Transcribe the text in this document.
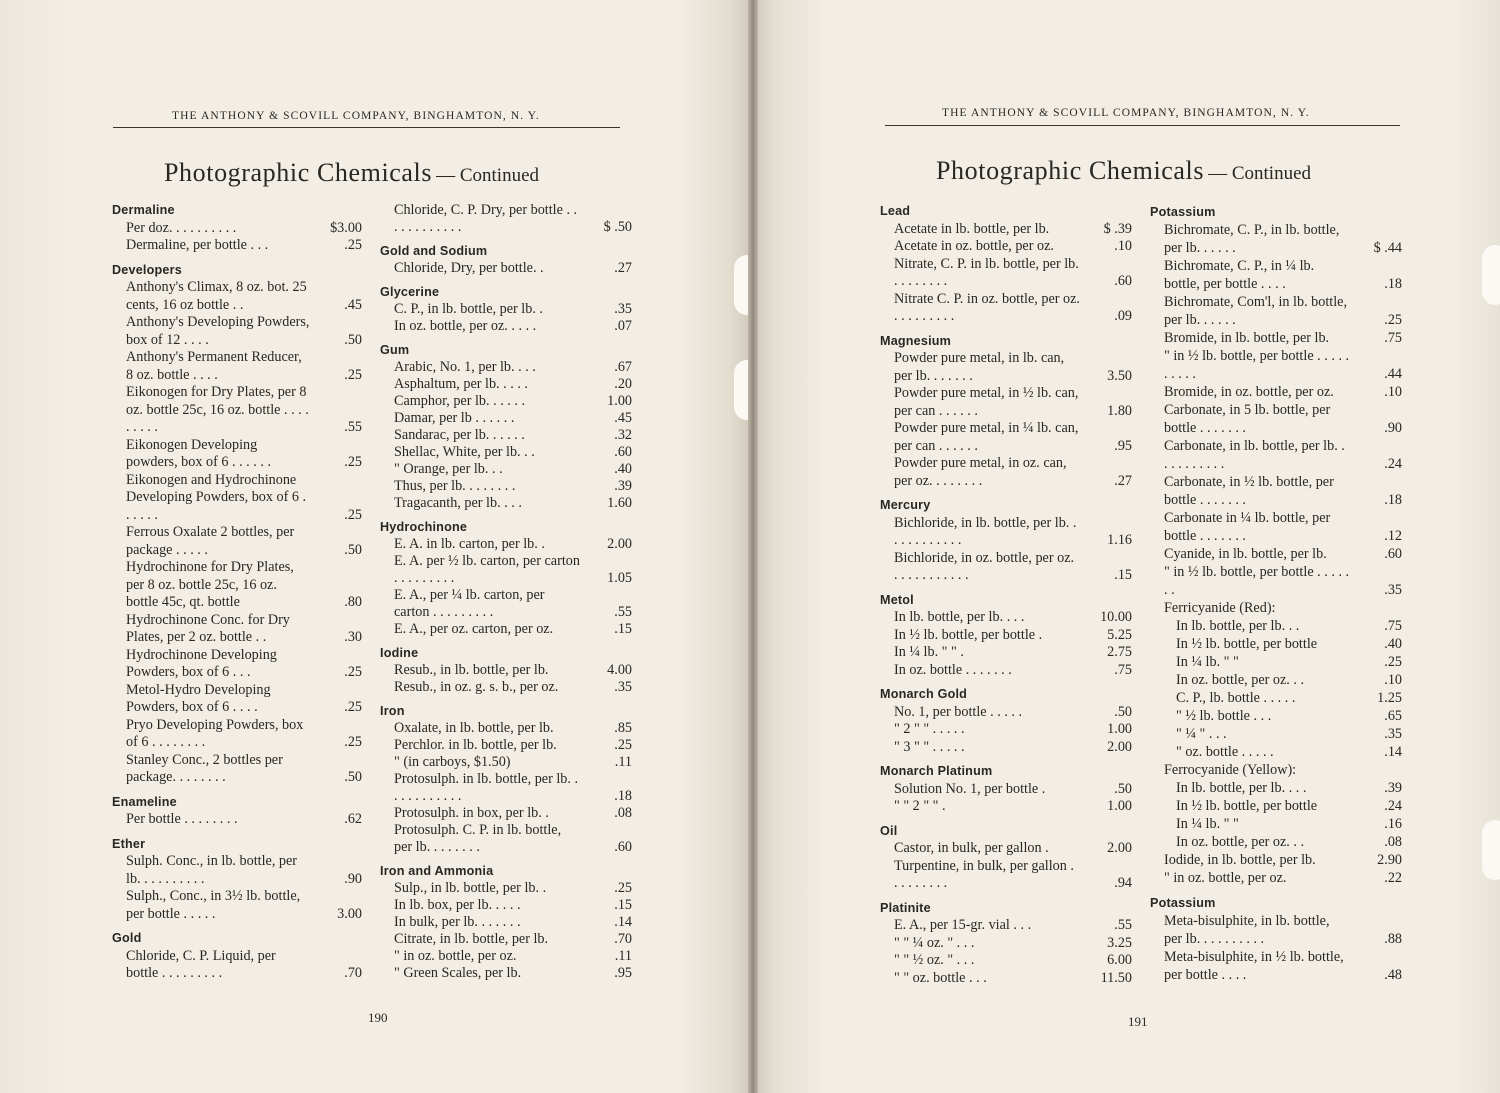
THE ANTHONY & SCOVILL COMPANY, BINGHAMTON, N. Y.
Photographic Chemicals — Continued
Dermaline
Per doz. . . . . . . . . .	$3.00
Dermaline, per bottle . . .	.25
Developers
Anthony's Climax, 8 oz. bot. 25 cents, 16 oz bottle . .	.45
Anthony's Developing Powders, box of 12 . . . .	.50
Anthony's Permanent Reducer, 8 oz. bottle . . . .	.25
Eikonogen for Dry Plates, per 8 oz. bottle 25c, 16 oz. bottle . . . . . . . . .	.55
Eikonogen Developing powders, box of 6 . . . . . .	.25
Eikonogen and Hydrochinone Developing Powders, box of 6 . . . . . .	.25
Ferrous Oxalate 2 bottles, per package . . . . .	.50
Hydrochinone for Dry Plates, per 8 oz. bottle 25c, 16 oz. bottle 45c, qt. bottle	.80
Hydrochinone Conc. for Dry Plates, per 2 oz. bottle . .	.30
Hydrochinone Developing Powders, box of 6 . . .	.25
Metol-Hydro Developing Powders, box of 6 . . . .	.25
Pryo Developing Powders, box of 6 . . . . . . . .	.25
Stanley Conc., 2 bottles per package. . . . . . . .	.50
Enameline
Per bottle . . . . . . . .	.62
Ether
Sulph. Conc., in lb. bottle, per lb. . . . . . . . . .	.90
Sulph., Conc., in 3½ lb. bottle, per bottle . . . . .	3.00
Gold
Chloride, C. P. Liquid, per bottle . . . . . . . . .	.70
Chloride, C. P. Dry, per bottle . . . . . . . . . . . .	$ .50
Gold and Sodium
Chloride, Dry, per bottle. .	.27
Glycerine
C. P., in lb. bottle, per lb. .	.35
In oz. bottle, per oz. . . . .	.07
Gum
Arabic, No. 1, per lb. . . .	.67
Asphaltum, per lb. . . . .	.20
Camphor, per lb. . . . . .	1.00
Damar, per lb . . . . . .	.45
Sandarac, per lb. . . . . .	.32
Shellac, White, per lb. . .	.60
" Orange, per lb. . .	.40
Thus, per lb. . . . . . . .	.39
Tragacanth, per lb. . . .	1.60
Hydrochinone
E. A. in lb. carton, per lb. .	2.00
E. A. per ½ lb. carton, per carton . . . . . . . . .	1.05
E. A., per ¼ lb. carton, per carton . . . . . . . . .	.55
E. A., per oz. carton, per oz.	.15
Iodine
Resub., in lb. bottle, per lb.	4.00
Resub., in oz. g. s. b., per oz.	.35
Iron
Oxalate, in lb. bottle, per lb.	.85
Perchlor. in lb. bottle, per lb.	.25
" (in carboys, $1.50)	.11
Protosulph. in lb. bottle, per lb. . . . . . . . . . . .	.18
Protosulph. in box, per lb. .	.08
Protosulph. C. P. in lb. bottle, per lb. . . . . . . .	.60
Iron and Ammonia
Sulp., in lb. bottle, per lb. .	.25
In lb. box, per lb. . . . .	.15
In bulk, per lb. . . . . . .	.14
Citrate, in lb. bottle, per lb.	.70
" in oz. bottle, per oz.	.11
" Green Scales, per lb.	.95
190
THE ANTHONY & SCOVILL COMPANY, BINGHAMTON, N. Y.
Photographic Chemicals — Continued
Lead
Acetate in lb. bottle, per lb.	$ .39
Acetate in oz. bottle, per oz.	.10
Nitrate, C. P. in lb. bottle, per lb. . . . . . . . .	.60
Nitrate C. P. in oz. bottle, per oz. . . . . . . . . .	.09
Magnesium
Powder pure metal, in lb. can, per lb. . . . . . .	3.50
Powder pure metal, in ½ lb. can, per can . . . . . .	1.80
Powder pure metal, in ¼ lb. can, per can . . . . . .	.95
Powder pure metal, in oz. can, per oz. . . . . . . .	.27
Mercury
Bichloride, in lb. bottle, per lb. . . . . . . . . . . .	1.16
Bichloride, in oz. bottle, per oz. . . . . . . . . . . .	.15
Metol
In lb. bottle, per lb. . . .	10.00
In ½ lb. bottle, per bottle .	5.25
In ¼ lb. " " .	2.75
In oz. bottle . . . . . . .	.75
Monarch Gold
No. 1, per bottle . . . . .	.50
" 2 " " . . . . .	1.00
" 3 " " . . . . .	2.00
Monarch Platinum
Solution No. 1, per bottle .	.50
" " 2 " " .	1.00
Oil
Castor, in bulk, per gallon .	2.00
Turpentine, in bulk, per gallon . . . . . . . . .	.94
Platinite
E. A., per 15-gr. vial . . .	.55
" " ¼ oz. " . . .	3.25
" " ½ oz. " . . .	6.00
" " oz. bottle . . .	11.50
Potassium
Bichromate, C. P., in lb. bottle, per lb. . . . . .	$ .44
Bichromate, C. P., in ¼ lb. bottle, per bottle . . . .	.18
Bichromate, Com'l, in lb. bottle, per lb. . . . . .	.25
Bromide, in lb. bottle, per lb.	.75
" in ½ lb. bottle, per bottle . . . . . . . . . .	.44
Bromide, in oz. bottle, per oz.	.10
Carbonate, in 5 lb. bottle, per bottle . . . . . . .	.90
Carbonate, in lb. bottle, per lb. . . . . . . . . . .	.24
Carbonate, in ½ lb. bottle, per bottle . . . . . . .	.18
Carbonate in ¼ lb. bottle, per bottle . . . . . . .	.12
Cyanide, in lb. bottle, per lb.	.60
" in ½ lb. bottle, per bottle . . . . . . .	.35
Ferricyanide (Red):
In lb. bottle, per lb. . .	.75
In ½ lb. bottle, per bottle	.40
In ¼ lb. " "	.25
In oz. bottle, per oz. . .	.10
C. P., lb. bottle . . . . .	1.25
" ½ lb. bottle . . .	.65
" ¼ " . . .	.35
" oz. bottle . . . . .	.14
Ferrocyanide (Yellow):
In lb. bottle, per lb. . . .	.39
In ½ lb. bottle, per bottle	.24
In ¼ lb. " "	.16
In oz. bottle, per oz. . .	.08
Iodide, in lb. bottle, per lb.	2.90
" in oz. bottle, per oz.	.22
Potassium
Meta-bisulphite, in lb. bottle, per lb. . . . . . . . . .	.88
Meta-bisulphite, in ½ lb. bottle, per bottle . . . .	.48
191
